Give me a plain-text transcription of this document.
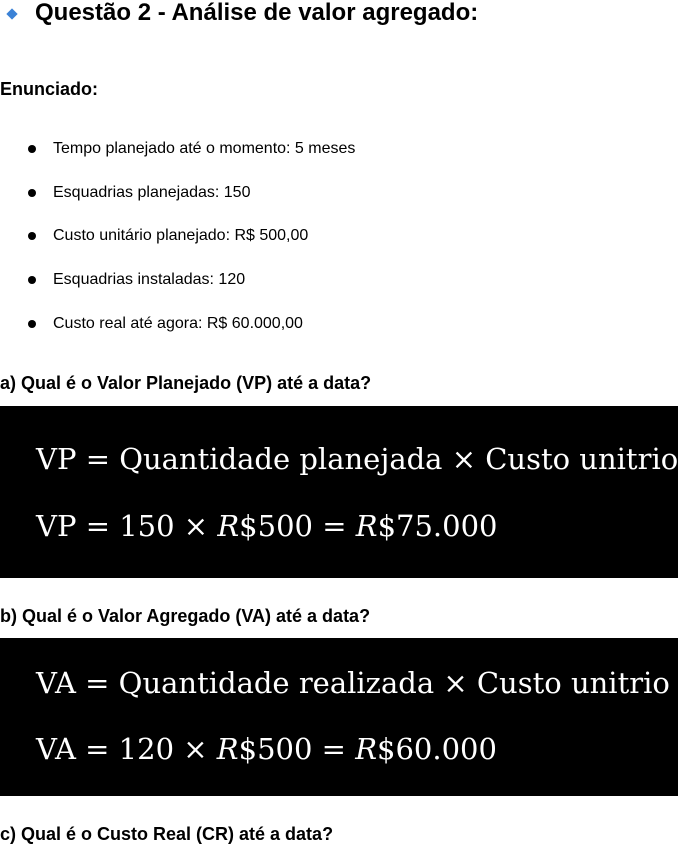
Questão 2 - Análise de valor agregado:
Enunciado:
Tempo planejado até o momento: 5 meses
Esquadrias planejadas: 150
Custo unitário planejado: R$ 500,00
Esquadrias instaladas: 120
Custo real até agora: R$ 60.000,00
a) Qual é o Valor Planejado (VP) até a data?
VP = Quantidade planejada × Custo unitrio
VP = 150 × R$500 = R$75.000
b) Qual é o Valor Agregado (VA) até a data?
VA = Quantidade realizada × Custo unitrio
VA = 120 × R$500 = R$60.000
c) Qual é o Custo Real (CR) até a data?
